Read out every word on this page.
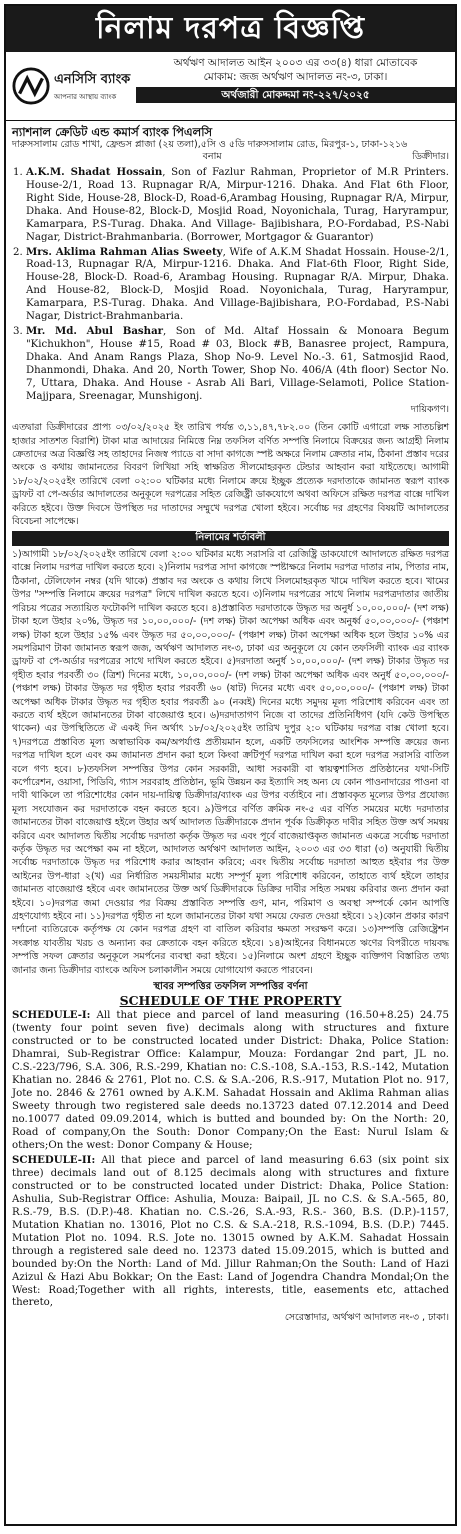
নিলাম দরপত্র বিজ্ঞপ্তি
এনসিসি ব্যাংক
আপনার আস্থায় ব্যাংক
অর্থঋণ আদালত আইন ২০০৩ এর ৩৩(৪) ধারা মোতাবেক
মোকাম: জজ অর্থঋণ আদালত নং-৩, ঢাকা।
অর্থজারী মোকদ্দমা নং-২২৭/২০২৫
ন্যাশনাল ক্রেডিট এন্ড কমার্স ব্যাংক পিএলসি
দারুসসালাম রোড শাখা, ফ্রেন্ডস প্লাজা (২য় তলা),৫সি ও ৫ডি দারুসসালাম রোড, মিরপুর-১, ঢাকা-১২১৬
বনাম	ডিক্রীদার।
1. A.K.M. Shadat Hossain, Son of Fazlur Rahman, Proprietor of M.R Printers. House-2/1, Road 13. Rupnagar R/A, Mirpur-1216. Dhaka. And Flat 6th Floor, Right Side, House-28, Block-D, Road-6,Arambag Housing, Rupnagar R/A, Mirpur, Dhaka. And House-82, Block-D, Mosjid Road, Noyonichala, Turag, Haryrampur, Kamarpara, P.S-Turag. Dhaka. And Village- Bajibishara, P.O-Fordabad, P.S-Nabi Nagar, District-Brahmanbaria. (Borrower, Mortgagor & Guarantor)
2. Mrs. Aklima Rahman Alias Sweety, Wife of A.K.M Shadat Hossain. House-2/1, Road-13, Rupnagar R/A, Mirpur-1216. Dhaka. And Flat-6th Floor, Right Side, House-28, Block-D. Road-6, Arambag Housing. Rupnagar R/A. Mirpur, Dhaka. And House-82, Block-D, Mosjid Road. Noyonichala, Turag, Haryrampur, Kamarpara, P.S-Turag. Dhaka. And Village-Bajibishara, P.O-Fordabad, P.S-Nabi Nagar, District-Brahmanbaria.
3. Mr. Md. Abul Bashar, Son of Md. Altaf Hossain & Monoara Begum "Kichukhon", House #15, Road # 03, Block #B, Banasree project, Rampura, Dhaka. And Anam Rangs Plaza, Shop No-9. Level No.-3. 61, Satmosjid Raod, Dhanmondi, Dhaka. And 20, North Tower, Shop No. 406/A (4th floor) Sector No. 7, Uttara, Dhaka. And House - Asrab Ali Bari, Village-Selamoti, Police Station-Majjpara, Sreenagar, Munshigonj.
দায়িকগণ।
এতদ্বারা ডিক্রীদারের প্রাপ্য ০৩/০২/২০২৫ ইং তারিখ পর্যন্ত ৩,১১,৪৭,৭৮২.০০ (তিন কোটি এগারো লক্ষ সাতচল্লিশ হাজার সাতশত বিরাশি) টাকা মাত্র আদায়ের নিমিত্তে নিম্ন তফসিল বর্ণিত সম্পত্তি নিলামে বিক্রয়ের জন্য আগ্রহী নিলাম ক্রেতাদের অত্র বিজ্ঞপ্তি সহ তাহাদের নিজস্ব প্যাডে বা সাদা কাগজে স্পষ্ট অক্ষরে নিলাম ক্রেতার নাম, ঠিকানা প্রস্তাব দরের অংকে ও কথায় জামানতের বিবরণ লিখিয়া সহি স্বাক্ষরিত সীলমোহরকৃত টেন্ডার আহবান করা যাইতেছে। আগামী ১৮/০২/২০২৫ইং তারিখে বেলা ০২:০০ ঘটিকার মধ্যে নিলামে ক্রয়ে ইচ্ছুক প্রত্যেক দরদাতাকে জামানত স্বরূপ ব্যাংক ড্রাফট বা পে-অর্ডার আদালতের অনুকূলে দরপত্রের সহিত রেজিষ্ট্রী ডাকযোগে অথবা অফিসে রক্ষিত দরপত্র বাক্সে দাখিল করিতে হইবে। উক্ত দিবসে উপস্থিত দর দাতাদের সম্মুখে দরপত্র খোলা হইবে। সর্বোচ্চ দর গ্রহণের বিষয়টি আদালতের বিবেচনা সাপেক্ষে।
নিলামের শর্তাবলী
১)আগামী ১৮/০২/২০২৫ইং তারিখে বেলা ২:০০ ঘটিকার মধ্যে সরাসরি বা রেজিষ্ট্রি ডাকযোগে আদালতে রক্ষিত দরপত্র বাক্সে নিলাম দরপত্র দাখিল করতে হবে। ২)নিলাম দরপত্র সাদা কাগজে স্পষ্টাক্ষরে নিলাম দরপত্র দাতার নাম, পিতার নাম, ঠিকানা, টেলিফোন নম্বর (যদি থাকে) প্রস্তাব দর অংকে ও কথায় লিখে সিলমোহরকৃত খামে দাখিল করতে হবে। খামের উপর "সম্পত্তি নিলামে ক্রয়ের দরপত্র" লিখে দাখিল করতে হবে। ৩)নিলাম দরপত্রের সাথে নিলাম দরপত্রদাতার জাতীয় পরিচয় পত্রের সত্যায়িত ফটোকপি দাখিল করতে হবে। ৪)প্রস্তাবিত দরদাতাকে উদ্ধৃত দর অনুর্ধ ১০,০০,০০০/- (দশ লক্ষ) টাকা হলে উহার ২০%, উদ্ধৃত দর ১০,০০,০০০/- (দশ লক্ষ) টাকা অপেক্ষা অধিক এবং অনুর্ধ্ব ৫০,০০,০০০/- (পঞ্চাশ লক্ষ) টাকা হলে উহার ১৫% এবং উদ্ধৃত দর ৫০,০০,০০০/- (পঞ্চাশ লক্ষ) টাকা অপেক্ষা অধিক হলে উহার ১০% এর সমপরিমাণ টাকা জামানত স্বরূপ জজ, অর্থঋণ আদালত নং-৩, ঢাকা এর অনুকূলে যে কোন তফসিলী ব্যাংক এর ব্যাংক ড্রাফট বা পে-অর্ডার দরপত্রের সাথে দাখিল করতে হইবে। ৫)দরদাতা অনুর্ধ ১০,০০,০০০/- (দশ লক্ষ) টাকার উদ্ধৃত দর গৃহীত হবার পরবর্তী ৩০ (ত্রিশ) দিনের মধ্যে, ১০,০০,০০০/- (দশ লক্ষ) টাকা অপেক্ষা অধিক এবং অনুর্ধ ৫০,০০,০০০/- (পঞ্চাশ লক্ষ) টাকার উদ্ধৃত দর গৃহীত হবার পরবর্তী ৬০ (ষাট) দিনের মধ্যে এবং ৫০,০০,০০০/- (পঞ্চাশ লক্ষ) টাকা অপেক্ষা অধিক টাকার উদ্ধৃত দর গৃহীত হবার পরবর্তী ৯০ (নব্বই) দিনের মধ্যে সমুদয় মূল্য পরিশোধ করিবেন এবং তা করতে ব্যর্থ হইলে জামানতের টাকা বাজেয়াপ্ত হবে। ৬)দরদাতাগণ নিজে বা তাদের প্রতিনিধিগণ (যদি কেউ উপস্থিত থাকেন) এর উপস্থিতিতে ঐ একই দিন অর্থাৎ ১৮/০২/২০২৫ইং তারিখ দুপুর ২:০ ঘটিকায় দরপত্র বাক্স খোলা হবে। ৭)দরপত্রে প্রস্তাবিত মূল্য অস্বাভাবিক কম/অপর্যাপ্ত প্রতীয়মান হলে, একটি তফসিলের আংশিক সম্পত্তি ক্রয়ের জন্য দরপত্র দাখিল হলে এবং কম জামানত প্রদান করা হলে কিংবা ক্রটিপূর্ণ দরপত্র দাখিল করা হলে দরপত্র সরাসরি বাতিল বলে গণ্য হবে। ৮)তফসিল সম্পত্তির উপর কোন সরকারী, আধা সরকারী বা স্বায়ত্বশাসিত প্রতিষ্ঠানের যথা-সিটি কর্পোরেশন, ওয়াসা, পিডিবি, গ্যাস সরবরাহ প্রতিষ্ঠান, ভূমি উন্নয়ন কর ইত্যাদি সহ অন্য যে কোন পাওনাদারের পাওনা বা দাবী থাকিলে তা পরিশোধের কোন দায়-দায়িত্ব ডিক্রীদার/ব্যাংক এর উপর বর্তাইবে না। প্রস্তাবকৃত মূল্যের উপর প্রযোজ্য মূল্য সংযোজন কর দরদাতাকে বহন করতে হবে। ৯)উপরে বর্ণিত ক্রমিক নং-৫ এর বর্ণিত সময়ের মধ্যে দরদাতার জামানতের টাকা বাজেয়াপ্ত হইলে উহার অর্থ আদালত ডিক্রীদারকে প্রদান পূর্বক ডিক্রীকৃত দাবীর সহিত উক্ত অর্থ সমন্বয় করিবে এবং আদালত দ্বিতীয় সর্বোচ্চ দরদাতা কর্তৃক উদ্ধৃত দর এবং পূর্বে বাজেয়াপ্তকৃত জামানত একত্রে সর্বোচ্চ দরদাতা কর্তৃক উদ্ধৃত দর অপেক্ষা কম না হইলে, আদালত অর্থঋণ আদালত আইন, ২০০৩ এর ৩৩ ধারা (৩) অনুযায়ী দ্বিতীয় সর্বোচ্চ দরদাতাকে উদ্ধৃত দর পরিশোধ করার আহবান করিবে; এবং দ্বিতীয় সর্বোচ্চ দরদাতা আহুত হইবার পর উক্ত আইনের উপ-ধারা ২(খ) এর নির্ধারিত সময়সীমার মধ্যে সম্পূর্ণ মূল্য পরিশোধ করিবেন, তাহাতে ব্যর্থ হইলে তাহার জামানত বাজেয়াপ্ত হইবে এবং জামানতের উক্ত অর্থ ডিক্রীদারকে ডিক্রির দাবীর সহিত সমন্বয় করিবার জন্য প্রদান করা হইবে। ১০)দরপত্র জমা দেওয়ার পর বিক্রয় প্রস্তাবিত সম্পত্তি গুণ, মান, পরিমাণ ও অবস্থা সম্পর্কে কোন আপত্তি গ্রহণযোগ্য হইবে না। ১১)দরপত্র গৃহীত না হলে জামানতের টাকা যথা সময়ে ফেরত দেওয়া হইবে। ১২)কোন প্রকার কারণ দর্শানো ব্যতিরেকে কর্তৃপক্ষ যে কোন দরপত্র গ্রহণ বা বাতিল করিবার ক্ষমতা সংরক্ষণ করে। ১৩)সম্পত্তি রেজিষ্ট্রেশন সংক্রান্ত যাবতীয় খরচ ও অন্যান্য কর ক্রেতাকে বহন করিতে হইবে। ১৪)আইনের বিধানমতে ঋণের বিপরীতে দায়বদ্ধ সম্পত্তি সফল ক্রেতার অনুকূলে সমর্পনের ব্যবস্থা করা হইবে। ১৫)নিলামে অংশ গ্রহণে ইচ্ছুক ব্যক্তিগণ বিস্তারিত তথ্য জানার জন্য ডিক্রীদার ব্যাংকে অফিস চলাকালীন সময়ে যোগাযোগ করতে পারবেন।
স্থাবর সম্পত্তির তফসিল সম্পত্তির বর্ণনা
SCHEDULE OF THE PROPERTY
SCHEDULE-I: All that piece and parcel of land measuring (16.50+8.25) 24.75 (twenty four point seven five) decimals along with structures and fixture constructed or to be constructed located under District: Dhaka, Police Station: Dhamrai, Sub-Registrar Office: Kalampur, Mouza: Fordangar 2nd part, JL no. C.S.-223/796, S.A. 306, R.S.-299, Khatian no: C.S.-108, S.A.-153, R.S.-142, Mutation Khatian no. 2846 & 2761, Plot no. C.S. & S.A.-206, R.S.-917, Mutation Plot no. 917, Jote no. 2846 & 2761 owned by A.K.M. Sahadat Hossain and Aklima Rahman alias Sweety through two registered sale deeds no.13723 dated 07.12.2014 and Deed no.10077 dated 09.09.2014, which is butted and bounded by: On the North: 20, Road of company,On the South: Donor Company;On the East: Nurul Islam & others;On the west: Donor Company & House;
SCHEDULE-II: All that piece and parcel of land measuring 6.63 (six point six three) decimals land out of 8.125 decimals along with structures and fixture constructed or to be constructed located under District: Dhaka, Police Station: Ashulia, Sub-Registrar Office: Ashulia, Mouza: Baipail, JL no C.S. & S.A.-565, 80, R.S.-79, B.S. (D.P.)-48. Khatian no. C.S.-26, S.A.-93, R.S.- 360, B.S. (D.P.)-1157, Mutation Khatian no. 13016, Plot no C.S. & S.A.-218, R.S.-1094, B.S. (D.P.) 7445. Mutation Plot no. 1094. R.S. Jote no. 13015 owned by A.K.M. Sahadat Hossain through a registered sale deed no. 12373 dated 15.09.2015, which is butted and bounded by:On the North: Land of Md. Jillur Rahman;On the South: Land of Hazi Azizul & Hazi Abu Bokkar; On the East: Land of Jogendra Chandra Mondal;On the West: Road;Together with all rights, interests, title, easements etc, attached thereto,
সেরেস্তাদার, অর্থঋণ আদালত নং-৩ , ঢাকা।
